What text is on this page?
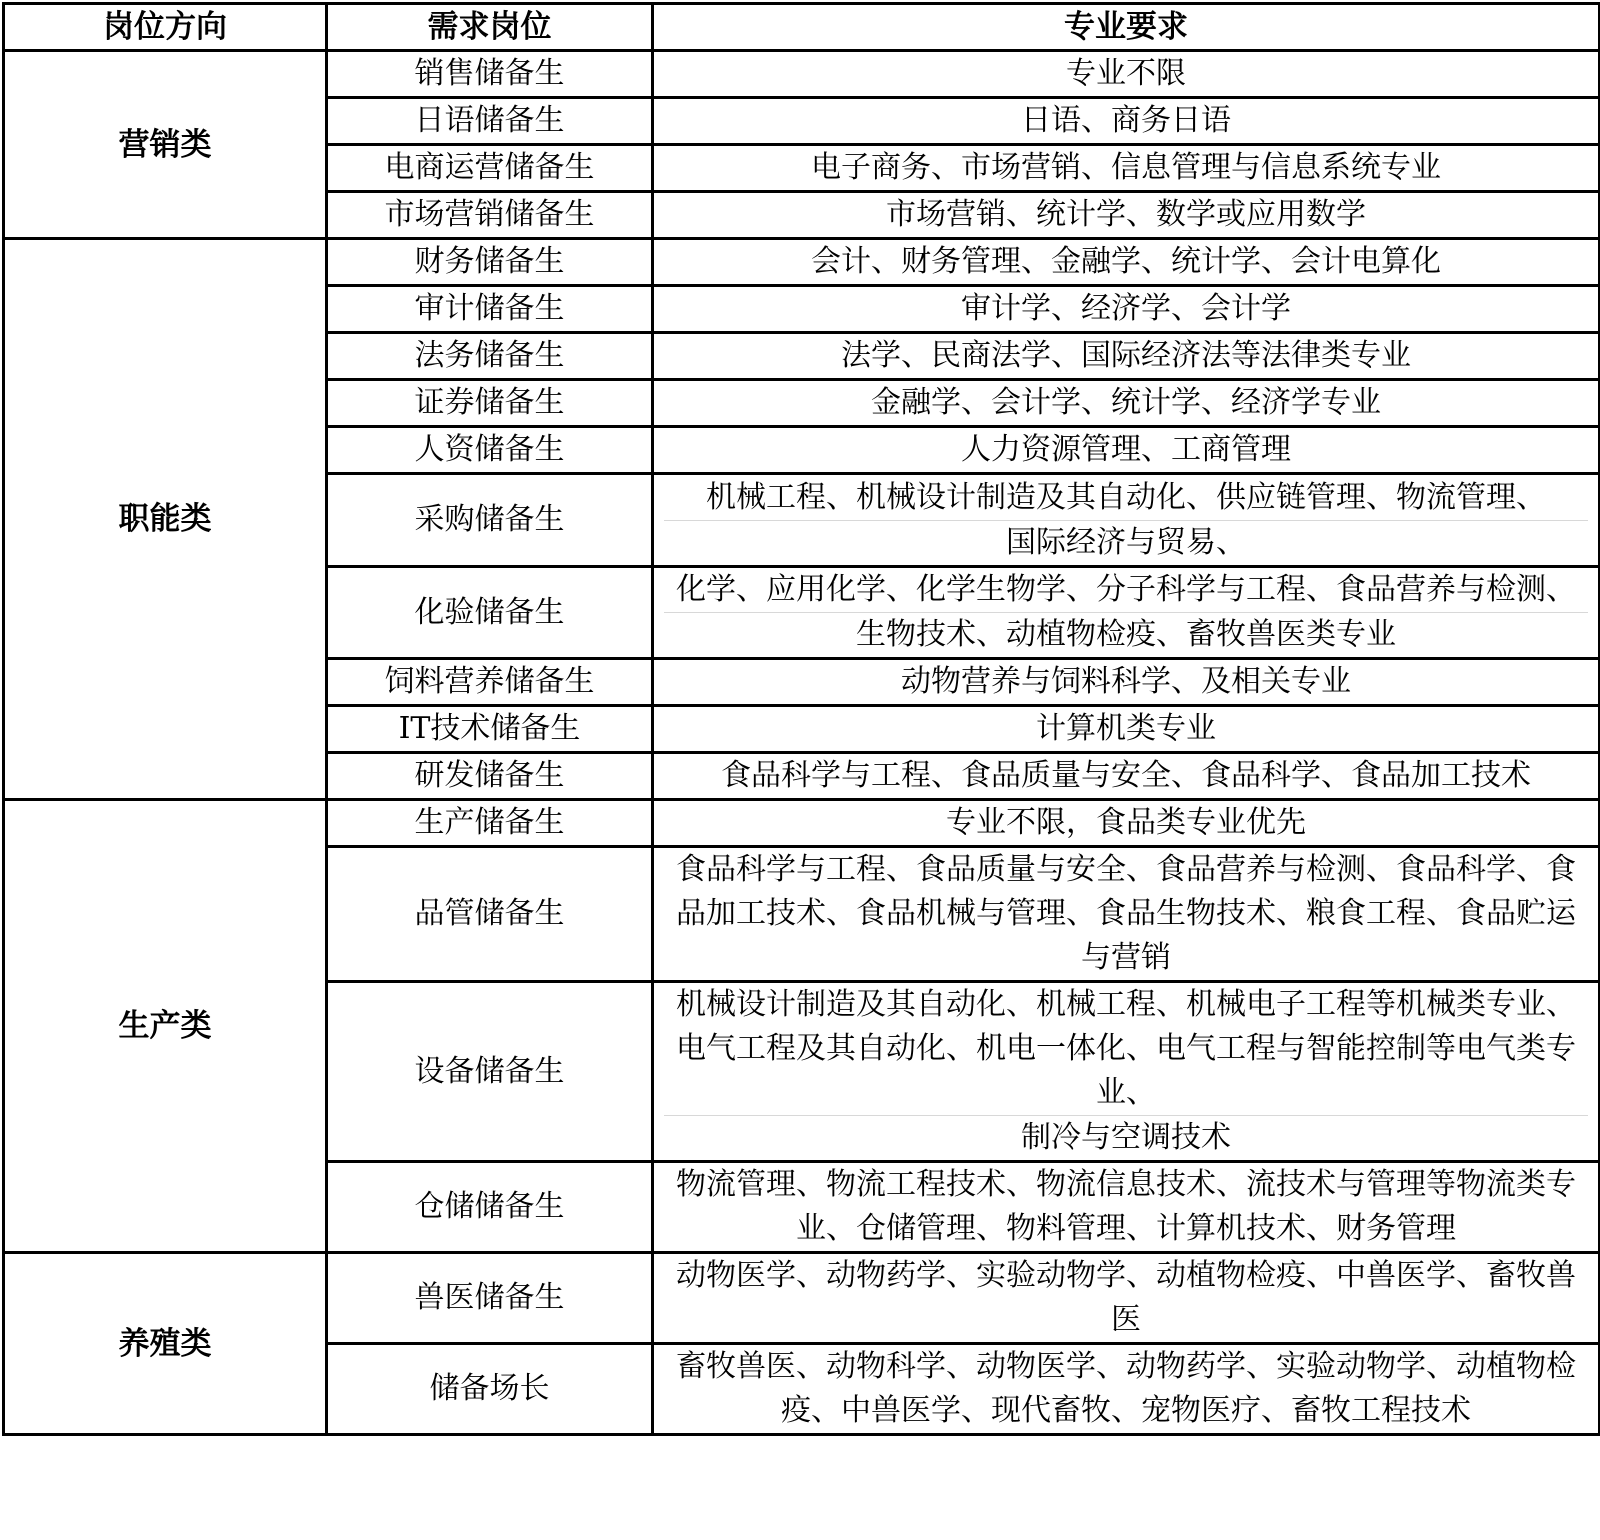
岗位方向	需求岗位	专业要求
营销类	销售储备生	专业不限
	日语储备生	日语、商务日语
	电商运营储备生	电子商务、市场营销、信息管理与信息系统专业
	市场营销储备生	市场营销、统计学、数学或应用数学
职能类	财务储备生	会计、财务管理、金融学、统计学、会计电算化
	审计储备生	审计学、经济学、会计学
	法务储备生	法学、民商法学、国际经济法等法律类专业
	证券储备生	金融学、会计学、统计学、经济学专业
	人资储备生	人力资源管理、工商管理
	采购储备生	机械工程、机械设计制造及其自动化、供应链管理、物流管理、
国际经济与贸易、

	化验储备生	化学、应用化学、化学生物学、分子科学与工程、食品营养与检测、
生物技术、动植物检疫、畜牧兽医类专业

	饲料营养储备生	动物营养与饲料科学、及相关专业
	IT技术储备生	计算机类专业
	研发储备生	食品科学与工程、食品质量与安全、食品科学、食品加工技术
生产类	生产储备生	专业不限，食品类专业优先
	品管储备生	食品科学与工程、食品质量与安全、食品营养与检测、食品科学、食品加工技术、食品机械与管理、食品生物技术、粮食工程、食品贮运与营销
	设备储备生	机械设计制造及其自动化、机械工程、机械电子工程等机械类专业、电气工程及其自动化、机电一体化、电气工程与智能控制等电气类专业、
制冷与空调技术

	仓储储备生	物流管理、物流工程技术、物流信息技术、流技术与管理等物流类专业、仓储管理、物料管理、计算机技术、财务管理
养殖类	兽医储备生	动物医学、动物药学、实验动物学、动植物检疫、中兽医学、畜牧兽医
	储备场长	畜牧兽医、动物科学、动物医学、动物药学、实验动物学、动植物检疫、中兽医学、现代畜牧、宠物医疗、畜牧工程技术
